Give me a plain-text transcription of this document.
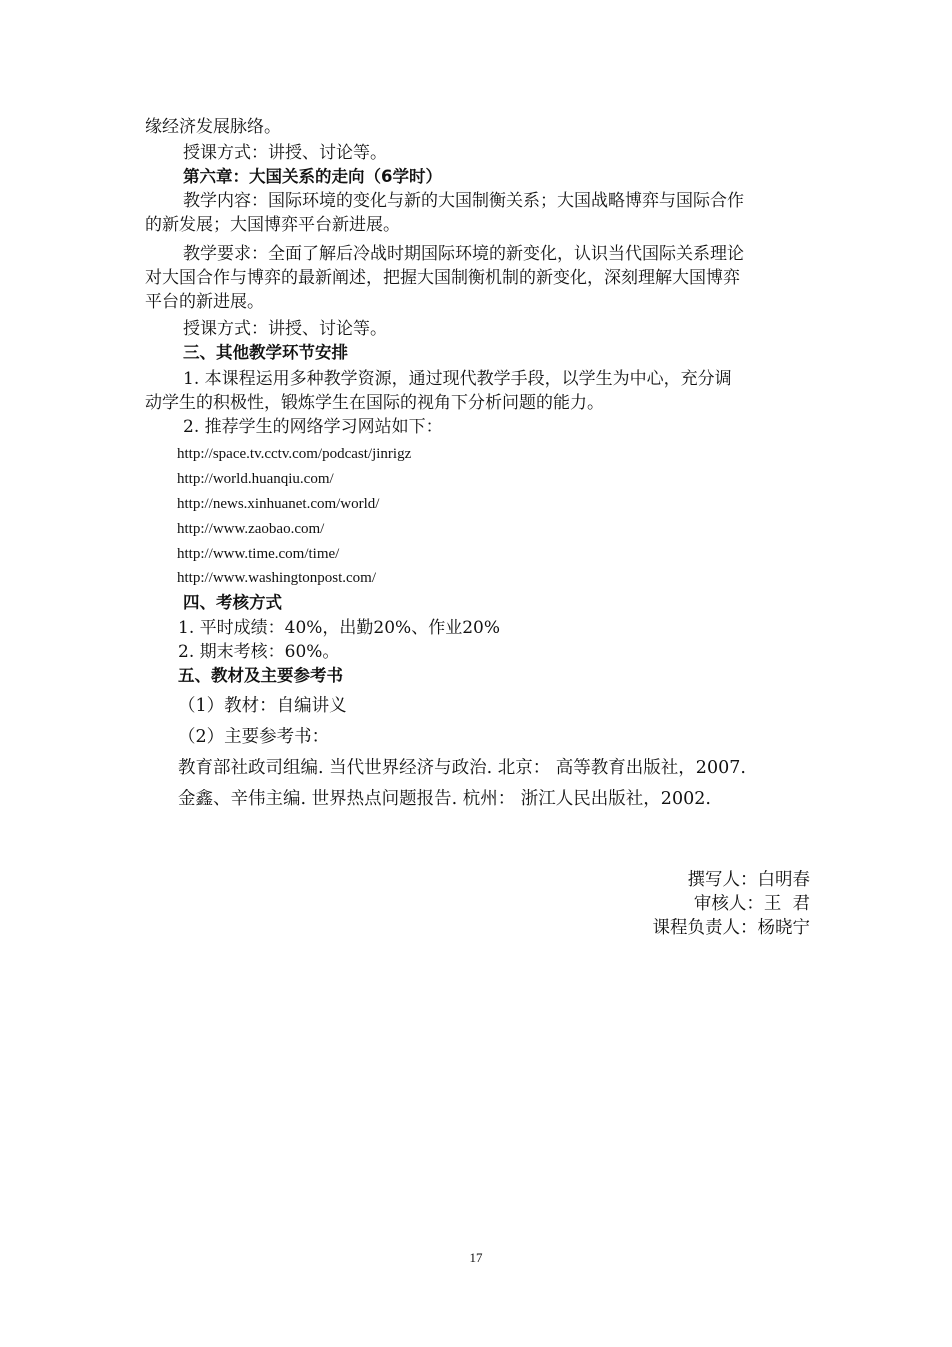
缘经济发展脉络。
授课方式：讲授、讨论等。
第六章：大国关系的走向（6学时）
教学内容：国际环境的变化与新的大国制衡关系；大国战略博弈与国际合作
的新发展；大国博弈平台新进展。
教学要求：全面了解后冷战时期国际环境的新变化，认识当代国际关系理论
对大国合作与博弈的最新阐述，把握大国制衡机制的新变化，深刻理解大国博弈
平台的新进展。
授课方式：讲授、讨论等。
三、其他教学环节安排
1. 本课程运用多种教学资源，通过现代教学手段，以学生为中心，充分调
动学生的积极性，锻炼学生在国际的视角下分析问题的能力。
2. 推荐学生的网络学习网站如下：
http://space.tv.cctv.com/podcast/jinrigz
http://world.huanqiu.com/
http://news.xinhuanet.com/world/
http://www.zaobao.com/
http://www.time.com/time/
http://www.washingtonpost.com/
四、考核方式
1. 平时成绩：40%，出勤20%、作业20%
2. 期末考核：60%。
五、教材及主要参考书
（1）教材：自编讲义
（2）主要参考书：
教育部社政司组编. 当代世界经济与政治. 北京： 高等教育出版社，2007.
金鑫、辛伟主编. 世界热点问题报告. 杭州： 浙江人民出版社，2002.
撰写人：白明春
审核人：王  君
课程负责人：杨晓宁
17
